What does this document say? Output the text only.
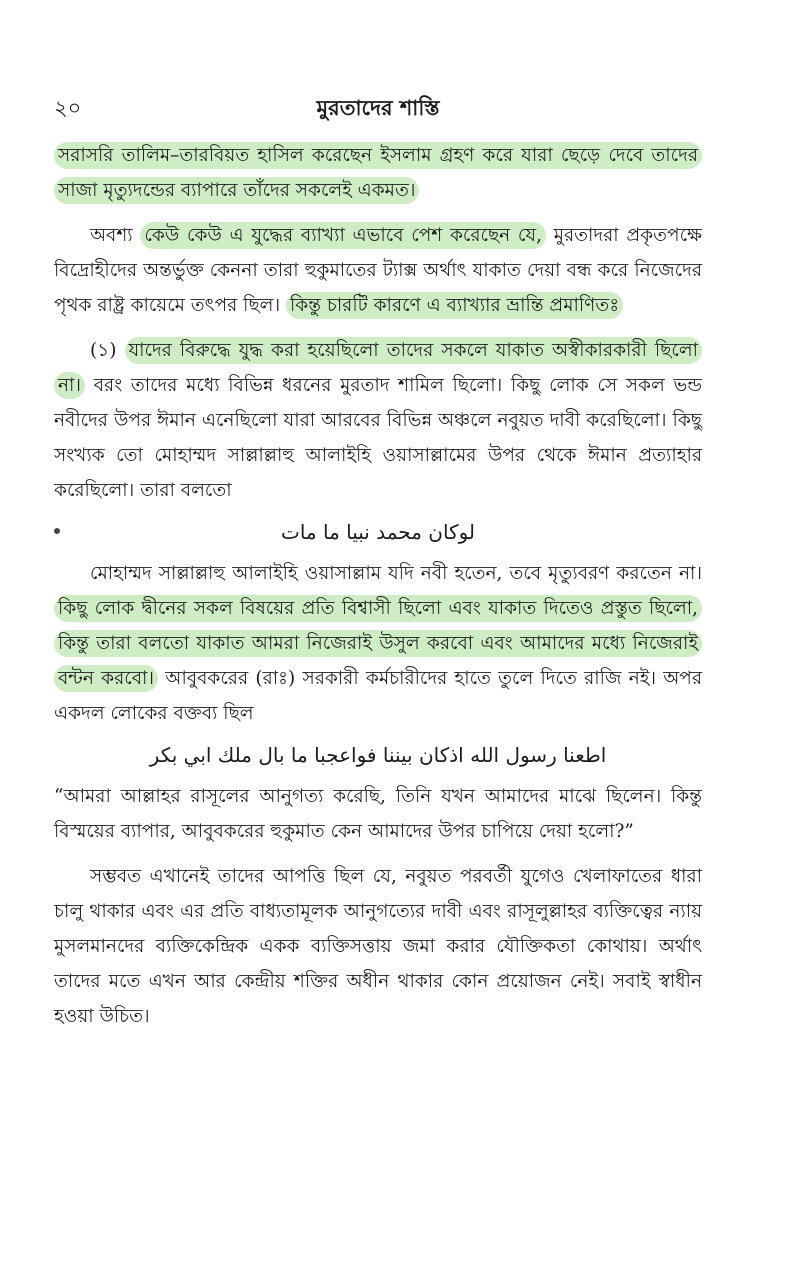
২০	মুরতাদের শাস্তি

সরাসরি তালিম–তারবিয়ত হাসিল করেছেন ইসলাম গ্রহণ করে যারা ছেড়ে দেবে তাদের সাজা মৃত্যুদন্ডের ব্যাপারে তাঁদের সকলেই একমত।

অবশ্য কেউ কেউ এ যুদ্ধের ব্যাখ্যা এভাবে পেশ করেছেন যে, মুরতাদরা প্রকৃতপক্ষে বিদ্রোহীদের অন্তর্ভুক্ত কেননা তারা হুকুমাতের ট্যাক্স অর্থাৎ যাকাত দেয়া বন্ধ করে নিজেদের পৃথক রাষ্ট্র কায়েমে তৎপর ছিল। কিন্তু চারটি কারণে এ ব্যাখ্যার ভ্রান্তি প্রমাণিতঃ

(১) যাদের বিরুদ্ধে যুদ্ধ করা হয়েছিলো তাদের সকলে যাকাত অস্বীকারকারী ছিলো না। বরং তাদের মধ্যে বিভিন্ন ধরনের মুরতাদ শামিল ছিলো। কিছু লোক সে সকল ভন্ড নবীদের উপর ঈমান এনেছিলো যারা আরবের বিভিন্ন অঞ্চলে নবুয়ত দাবী করেছিলো। কিছু সংখ্যক তো মোহাম্মদ সাল্লাল্লাহু আলাইহি ওয়াসাল্লামের উপর থেকে ঈমান প্রত্যাহার করেছিলো। তারা বলতো

لوكان محمد نبيا ما مات

মোহাম্মদ সাল্লাল্লাহু আলাইহি ওয়াসাল্লাম যদি নবী হতেন, তবে মৃত্যুবরণ করতেন না। কিছু লোক দ্বীনের সকল বিষয়ের প্রতি বিশ্বাসী ছিলো এবং যাকাত দিতেও প্রস্তুত ছিলো, কিন্তু তারা বলতো যাকাত আমরা নিজেরাই উসুল করবো এবং আমাদের মধ্যে নিজেরাই বন্টন করবো। আবুবকরের (রাঃ) সরকারী কর্মচারীদের হাতে তুলে দিতে রাজি নই। অপর একদল লোকের বক্তব্য ছিল

اطعنا رسول الله اذكان بيننا فواعجبا ما بال ملك ابي بكر

“আমরা আল্লাহর রাসূলের আনুগত্য করেছি, তিনি যখন আমাদের মাঝে ছিলেন। কিন্তু বিস্ময়ের ব্যাপার, আবুবকরের হুকুমাত কেন আমাদের উপর চাপিয়ে দেয়া হলো?”

সম্ভবত এখানেই তাদের আপত্তি ছিল যে, নবুয়ত পরবর্তী যুগেও খেলাফাতের ধারা চালু থাকার এবং এর প্রতি বাধ্যতামূলক আনুগত্যের দাবী এবং রাসূলুল্লাহর ব্যক্তিত্বের ন্যায় মুসলমানদের ব্যক্তিকেন্দ্রিক একক ব্যক্তিসত্তায় জমা করার যৌক্তিকতা কোথায়। অর্থাৎ তাদের মতে এখন আর কেন্দ্রীয় শক্তির অধীন থাকার কোন প্রয়োজন নেই। সবাই স্বাধীন হওয়া উচিত।
